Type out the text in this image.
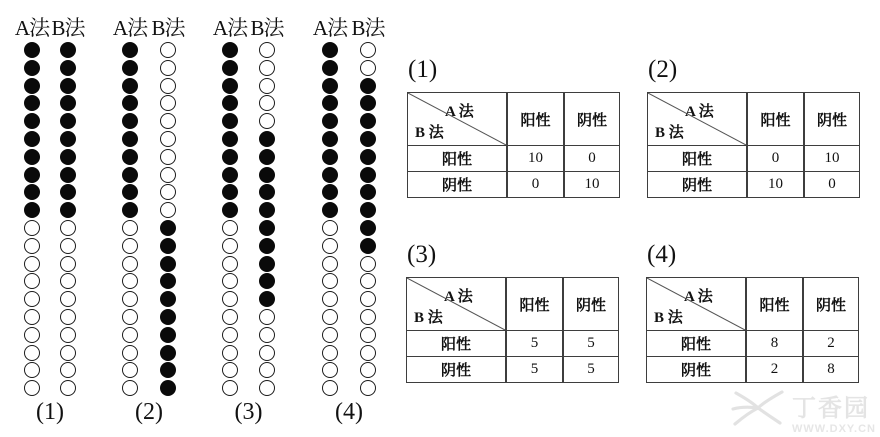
A法 B法
(1)
A法 B法
(2)
A法 B法
(3)
A法 B法
(4)
(1)
A 法
B 法
阳性	阴性
阳性	10	0
阴性	0	10
(2)
A 法
B 法
阳性	阴性
阳性	0	10
阴性	10	0
(3)
A 法
B 法
阳性	阴性
阳性	5	5
阴性	5	5
(4)
A 法
B 法
阳性	阴性
阳性	8	2
阴性	2	8
丁香园
WWW.DXY.CN
